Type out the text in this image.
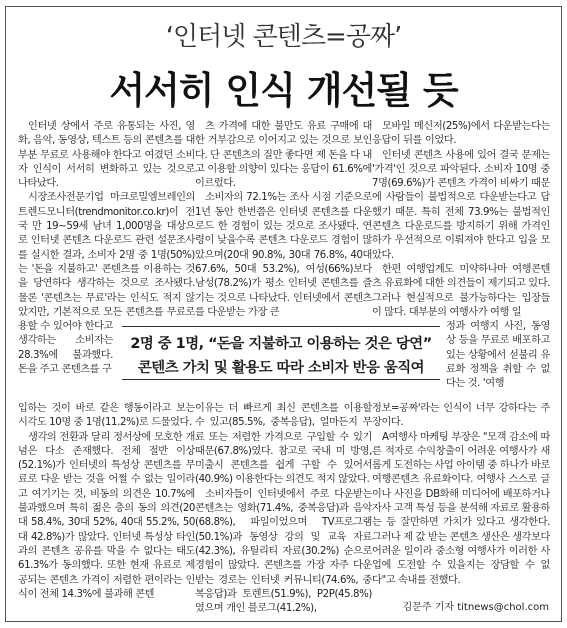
‘인터넷 콘텐츠=공짜’
서서히 인식 개선될 듯

인터넷 상에서 주로 유통되는 사진, 영화, 음악, 동영상, 텍스트 등의 콘텐츠를 대부분 무료로 사용해야 한다고 여겼던 소비자 인식이 서서히 변화하고 있는 것으로 나타났다.

시장조사전문기업 마크로밀엠브레인의 트렌드모니터(trendmonitor.co.kr)이 전국 만 19~59세 남녀 1,000명을 대상으로 인터넷 콘텐츠 다운로드 관련 설문조사를 실시한 결과, 소비자 2명 중 1명(50%)는 '돈을 지불하고' 콘텐츠를 이용하는 것을 당연하다 생각하는 것으로 조사됐다. 물론 '콘텐츠는 무료'라는 인식도 적지 않았지만, 기본적으로 모든 콘텐츠를 무료로

용할 수 있어야 한다고 생각하는 소비자는 28.3%에 불과했다. 돈을 주고 콘텐츠를 구

츠 가격에 대한 불만도 유료 구매에 대한 거부감으로 이어지고 있는 것으로 보인다. 단 콘텐츠의 질만 좋다면 제 돈을 다 내고 이용할 의향이 있다는 응답이 61.6%에 이르렀다.

소비자의 72.1%는 조사 시점 기준으로 1년 동안 한번쯤은 인터넷 콘텐츠를 다운로드 한 경험이 있는 것으로 조사됐다. 연령이 낮을수록 콘텐츠 다운로드 경험이 많았으며(20대 90.8%, 30대 76.8%, 40대 67.6%, 50대 53.2%), 여성(66%)보다 남성(78.2%)가 평소 인터넷 콘텐츠를 즐기는 것으로 나타났다. 인터넷에서 콘텐츠를 다운받는 가장 큰

모바일 메신저(25%)에서 다운받는다는 응답이 뒤를 이었다.

인터넷 콘텐츠 사용에 있어 결국 문제는 '가격'인 것으로 파악된다. 소비자 10명 중 7명(69.6%)가 콘텐츠 가격이 비싸기 때문에 사람들이 불법적으로 다운받는다고 답했기 때문. 특히 전체 73.9%는 불법적인 콘텐츠 다운로드를 방지하기 위해 가격인하가 우선적으로 이뤄져야 한다고 입을 모았다.

한편 여행업계도 미약하나마 여행콘텐츠 유료화에 대한 의견들이 제기되고 있다. 그러나 현실적으로 불가능하다는 입장들이 많다. 대부분의 여행사가 여행 일

정과 여행지 사진, 동영상 등을 무료로 배포하고 있는 상황에서 섣불리 유료화 정책을 취할 수 없다는 것. '여행
2명 중 1명, “돈을 지불하고 이용하는 것은 당연”
콘텐츠 가치 및 활용도 따라 소비자 반응 움직여

입하는 것이 바로 같은 행동이라고 보는 시각도 10명 중 1명(11.2%)로 드물었다.

생각의 전환과 달리 정서상에 모호한 개념은 다소 존재했다. 전체 절반 이상(52.1%)가 인터넷의 특성상 콘텐츠를 무료로 다운 받는 것을 어쩔 수 없는 일이라고 여기기는 것, 비동의 의견은 10.7%에 불과했으며 특히 젊은 층의 동의 의견(20대 58.4%, 30대 52%, 40대 55.2%, 50대 42.8%)가 많았다. 인터넷 특성상 타인과의 콘텐츠 공유를 막을 수 없다는 태도 61.3%가 동의했다. 또한 현재 유료로 제공되는 콘텐츠 가격이 저렴한 편이라는 인식이 전체 14.3%에 불과해 콘텐

이유는 더 빠르게 최신 콘텐츠를 이용할 수 있고(85.5%, 중복응답), 얼마든지 무료 또는 저렴한 가격으로 구입할 수 있기 때문(67.8%)였다. 참고로 국내 미 방영, 미출시 콘텐츠를 쉽게 구할 수 있어서(40.9%) 이용한다는 의견도 적지 않았다.

소비자들이 인터넷에서 주로 다운받는 콘텐츠는 영화(71.4%, 중복응답)과 음악(68.8%), 파일이었으며 TV프로그램(50.1%)과 동영상 강의 및 교육 자료(42.3%), 유틸리티 자료(30.2%) 순으로 경험이 많았다. 콘텐츠를 가장 자주 다운받는 경로는 인터넷 커뮤니티(74.6%, 중복응답)과 토렌트(51.9%), P2P(45.8%)였으며 개인 블로그(41.2%),

정보=공짜'라는 인식이 너무 강하다는 주장이다.

A여행사 마케팅 부장은 "모객 감소에 따른 적자로 수익창출이 어려운 여행사가 새롭게 도전하는 사업 아이템 중 하나가 바로 여행콘텐츠 유료화이다. 여행사 스스로 글이나 사진을 DB화해 미디어에 배포하거나 자사 고객 특성 등을 분석해 자료로 활용하는 등 잘만하면 가치가 있다고 생각한다. 그러나 제 값 받는 콘텐츠 생산은 생각보다 어려운 일이라 중소형 여행사가 이러한 사업에 도전할 수 있을지는 장담할 수 없다"고 속내를 전했다.

김문주 기자 titnews@chol.com
